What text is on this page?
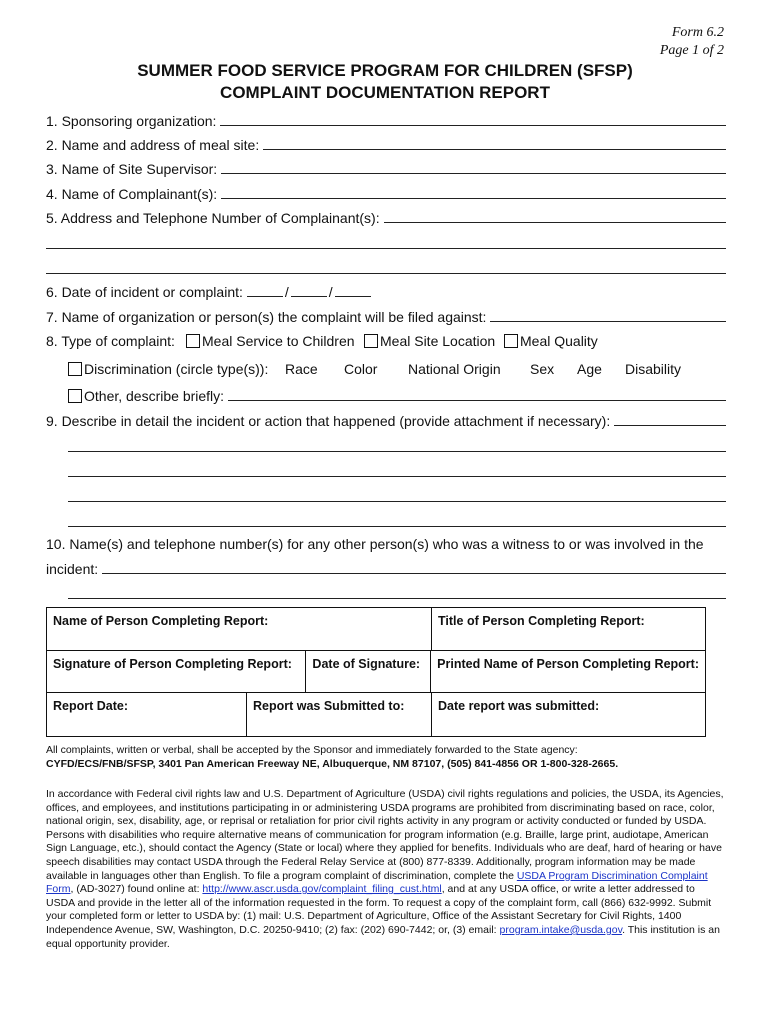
Form 6.2
Page 1 of 2
SUMMER FOOD SERVICE PROGRAM FOR CHILDREN (SFSP)
COMPLAINT DOCUMENTATION REPORT
1. Sponsoring organization:
2. Name and address of meal site:
3. Name of Site Supervisor:
4. Name of Complainant(s):
5. Address and Telephone Number of Complainant(s):
6. Date of incident or complaint:	/	/
7. Name of organization or person(s) the complaint will be filed against:
8. Type of complaint: Meal Service to Children Meal Site Location Meal Quality
Discrimination (circle type(s)): Race Color National Origin Sex Age Disability
Other, describe briefly:
9. Describe in detail the incident or action that happened (provide attachment if necessary):
10. Name(s) and telephone number(s) for any other person(s) who was a witness to or was involved in the
incident:
Name of Person Completing Report:	Title of Person Completing Report:
Signature of Person Completing Report:	Date of Signature:	Printed Name of Person Completing Report:
Report Date:	Report was Submitted to:	Date report was submitted:
All complaints, written or verbal, shall be accepted by the Sponsor and immediately forwarded to the State agency:
CYFD/ECS/FNB/SFSP, 3401 Pan American Freeway NE, Albuquerque, NM 87107, (505) 841-4856 OR 1-800-328-2665.
In accordance with Federal civil rights law and U.S. Department of Agriculture (USDA) civil rights regulations and policies, the USDA, its Agencies, offices, and employees, and institutions participating in or administering USDA programs are prohibited from discriminating based on race, color, national origin, sex, disability, age, or reprisal or retaliation for prior civil rights activity in any program or activity conducted or funded by USDA. Persons with disabilities who require alternative means of communication for program information (e.g. Braille, large print, audiotape, American Sign Language, etc.), should contact the Agency (State or local) where they applied for benefits. Individuals who are deaf, hard of hearing or have speech disabilities may contact USDA through the Federal Relay Service at (800) 877-8339. Additionally, program information may be made available in languages other than English. To file a program complaint of discrimination, complete the USDA Program Discrimination Complaint Form, (AD-3027) found online at: http://www.ascr.usda.gov/complaint_filing_cust.html, and at any USDA office, or write a letter addressed to USDA and provide in the letter all of the information requested in the form. To request a copy of the complaint form, call (866) 632-9992. Submit your completed form or letter to USDA by: (1) mail: U.S. Department of Agriculture, Office of the Assistant Secretary for Civil Rights, 1400 Independence Avenue, SW, Washington, D.C. 20250-9410; (2) fax: (202) 690-7442; or, (3) email: program.intake@usda.gov. This institution is an equal opportunity provider.
